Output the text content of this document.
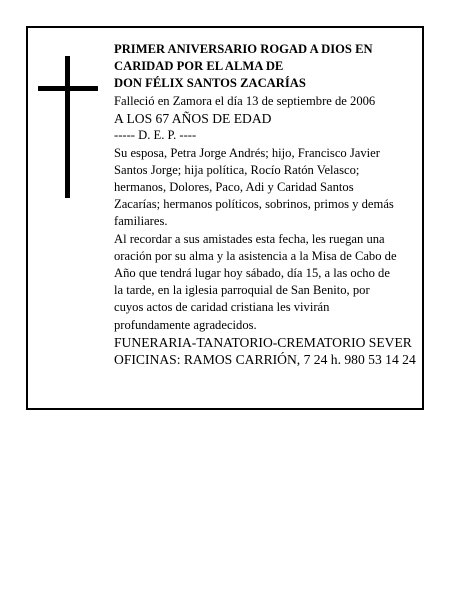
PRIMER ANIVERSARIO ROGAD A DIOS EN

CARIDAD POR EL ALMA DE

DON FÉLIX SANTOS ZACARÍAS

Falleció en Zamora el día 13 de septiembre de 2006

A LOS 67 AÑOS DE EDAD

----- D. E. P. ----

Su esposa, Petra Jorge Andrés; hijo, Francisco Javier

Santos Jorge; hija política, Rocío Ratón Velasco;

hermanos, Dolores, Paco, Adi y Caridad Santos

Zacarías; hermanos políticos, sobrinos, primos y demás

familiares.

Al recordar a sus amistades esta fecha, les ruegan una

oración por su alma y la asistencia a la Misa de Cabo de

Año que tendrá lugar hoy sábado, día 15, a las ocho de

la tarde, en la iglesia parroquial de San Benito, por

cuyos actos de caridad cristiana les vivirán

profundamente agradecidos.

FUNERARIA-TANATORIO-CREMATORIO SEVER

OFICINAS: RAMOS CARRIÓN, 7 24 h. 980 53 14 24
